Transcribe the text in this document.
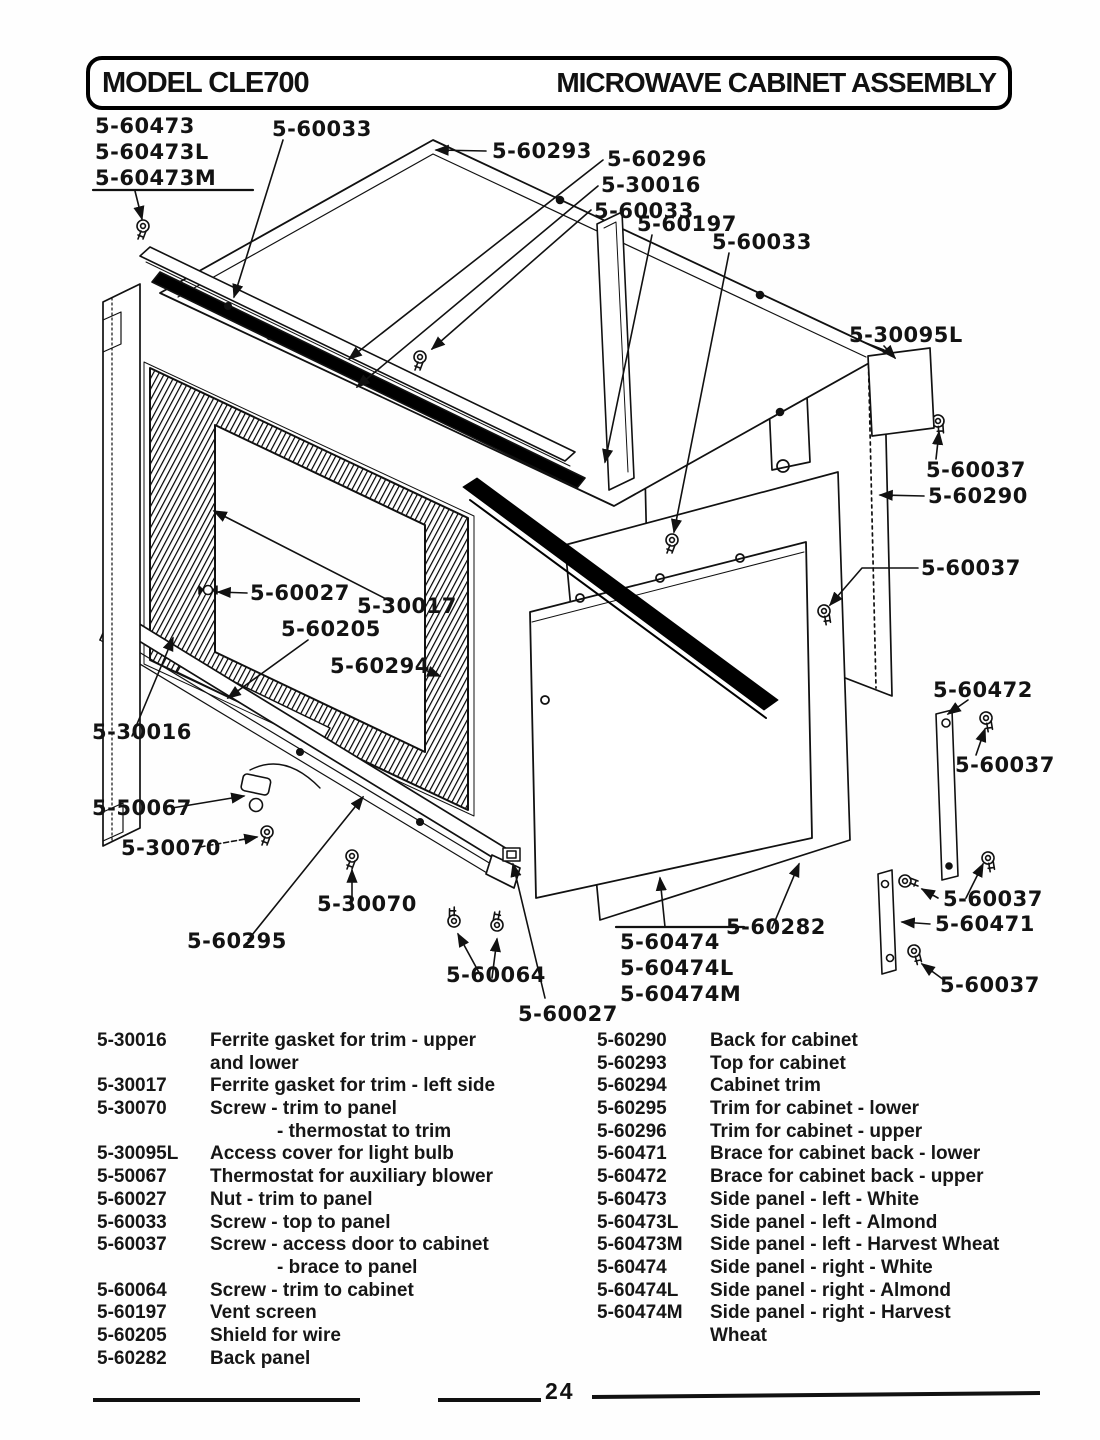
MODEL CLE700	MICROWAVE CABINET ASSEMBLY
5-60473
5-60473L
5-60473M
5-60033
5-60293 5-60296
5-30016
5-60033
5-60197
5-60033
5-30095L
5-60037
5-60290
5-60037
5-60027
5-30017
5-60205
5-60294
5-60472
5-60037
5-30016
5-50067
5-30070
5-30070
5-60295
5-60064
5-60027
5-60474
5-60474L
5-60474M
5-60282
5-60037
5-60471
5-60037
5-30016	Ferrite gasket for trim - upper
and lower
5-30017	Ferrite gasket for trim - left side
5-30070	Screw - trim to panel
- thermostat to trim
5-30095L	Access cover for light bulb
5-50067	Thermostat for auxiliary blower
5-60027	Nut - trim to panel
5-60033	Screw - top to panel
5-60037	Screw - access door to cabinet
- brace to panel
5-60064	Screw - trim to cabinet
5-60197	Vent screen
5-60205	Shield for wire
5-60282	Back panel
5-60290	Back for cabinet
5-60293	Top for cabinet
5-60294	Cabinet trim
5-60295	Trim for cabinet - lower
5-60296	Trim for cabinet - upper
5-60471	Brace for cabinet back - lower
5-60472	Brace for cabinet back - upper
5-60473	Side panel - left - White
5-60473L	Side panel - left - Almond
5-60473M	Side panel - left - Harvest Wheat
5-60474	Side panel - right - White
5-60474L	Side panel - right - Almond
5-60474M	Side panel - right - Harvest
Wheat
24
